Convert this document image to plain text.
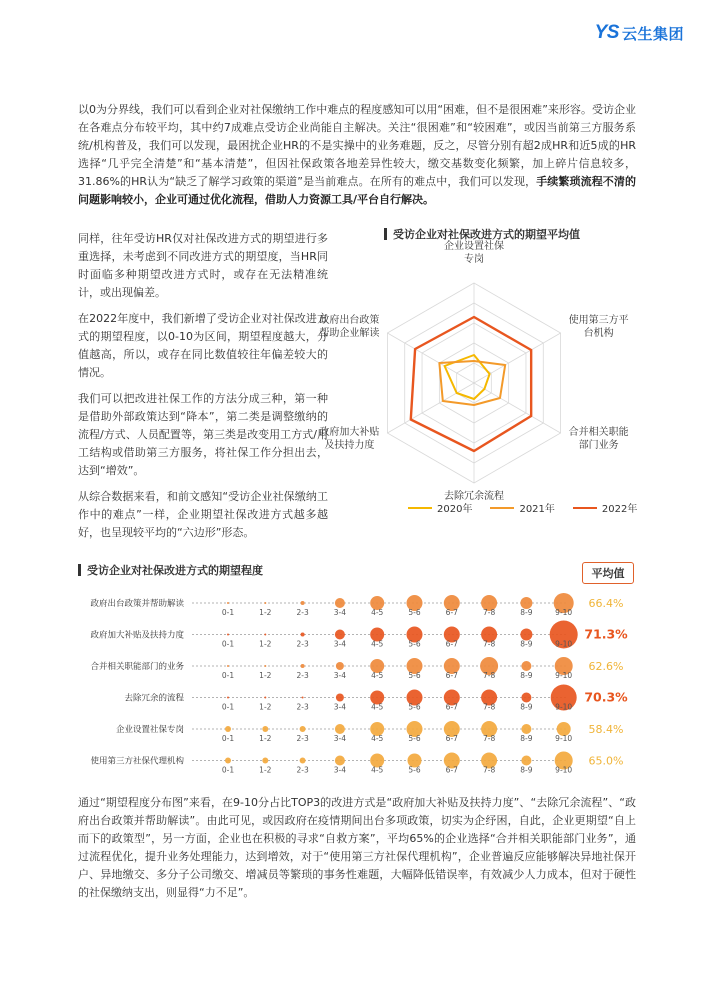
YS 云生集团
以0为分界线，我们可以看到企业对社保缴纳工作中难点的程度感知可以用“困难，但不是很困难”来形容。受访企业在各难点分布较平均，其中约7成难点受访企业尚能自主解决。关注“很困难”和“较困难”，或因当前第三方服务系统/机构普及，我们可以发现，最困扰企业HR的不是实操中的业务难题，反之，尽管分别有超2成HR和近5成的HR选择“几乎完全清楚”和“基本清楚”，但因社保政策各地差异性较大，缴交基数变化频繁，加上碎片信息较多，31.86%的HR认为“缺乏了解学习政策的渠道”是当前难点。在所有的难点中，我们可以发现，手续繁琐流程不清的问题影响较小，企业可通过优化流程，借助人力资源工具/平台自行解决。

同样，往年受访HR仅对社保改进方式的期望进行多重选择，未考虑到不同改进方式的期望度，当HR同时面临多种期望改进方式时，或存在无法精准统计，或出现偏差。

在2022年度中，我们新增了受访企业对社保改进方式的期望程度，以0-10为区间，期望程度越大，分值越高，所以，或存在同比数值较往年偏差较大的情况。

我们可以把改进社保工作的方法分成三种，第一种是借助外部政策达到“降本”，第二类是调整缴纳的流程/方式、人员配置等，第三类是改变用工方式/用工结构或借助第三方服务，将社保工作分担出去，达到“增效”。

从综合数据来看，和前文感知“受访企业社保缴纳工作中的难点”一样，企业期望社保改进方式越多越好，也呈现较平均的“六边形”形态。

受访企业对社保改进方式的期望平均值
企业设置社保专岗
使用第三方平台机构
合并相关职能部门业务
去除冗余流程
政府加大补贴及扶持力度
政府出台政策帮助企业解读
2020年	2021年	2022年
受访企业对社保改进方式的期望程度	平均值
政府出台政策并帮助解读
0-1	1-2	2-3	3-4	4-5	5-6	6-7	7-8	8-9	9-10
66.4%
政府加大补贴及扶持力度
0-1	1-2	2-3	3-4	4-5	5-6	6-7	7-8	8-9	9-10
71.3%
合并相关职能部门的业务
0-1	1-2	2-3	3-4	4-5	5-6	6-7	7-8	8-9	9-10
62.6%
去除冗余的流程
0-1	1-2	2-3	3-4	4-5	5-6	6-7	7-8	8-9	9-10
70.3%
企业设置社保专岗
0-1	1-2	2-3	3-4	4-5	5-6	6-7	7-8	8-9	9-10
58.4%
使用第三方社保代理机构
0-1	1-2	2-3	3-4	4-5	5-6	6-7	7-8	8-9	9-10
65.0%
通过“期望程度分布图”来看，在9-10分占比TOP3的改进方式是“政府加大补贴及扶持力度”、“去除冗余流程”、“政府出台政策并帮助解读”。由此可见，或因政府在疫情期间出台多项政策，切实为企纾困，自此，企业更期望“自上而下的政策型”，另一方面，企业也在积极的寻求“自救方案”，平均65%的企业选择“合并相关职能部门业务”，通过流程优化，提升业务处理能力，达到增效，对于“使用第三方社保代理机构”，企业普遍反应能够解决异地社保开户、异地缴交、多分子公司缴交、增减员等繁琐的事务性难题，大幅降低错误率，有效减少人力成本，但对于硬性的社保缴纳支出，则显得“力不足”。
